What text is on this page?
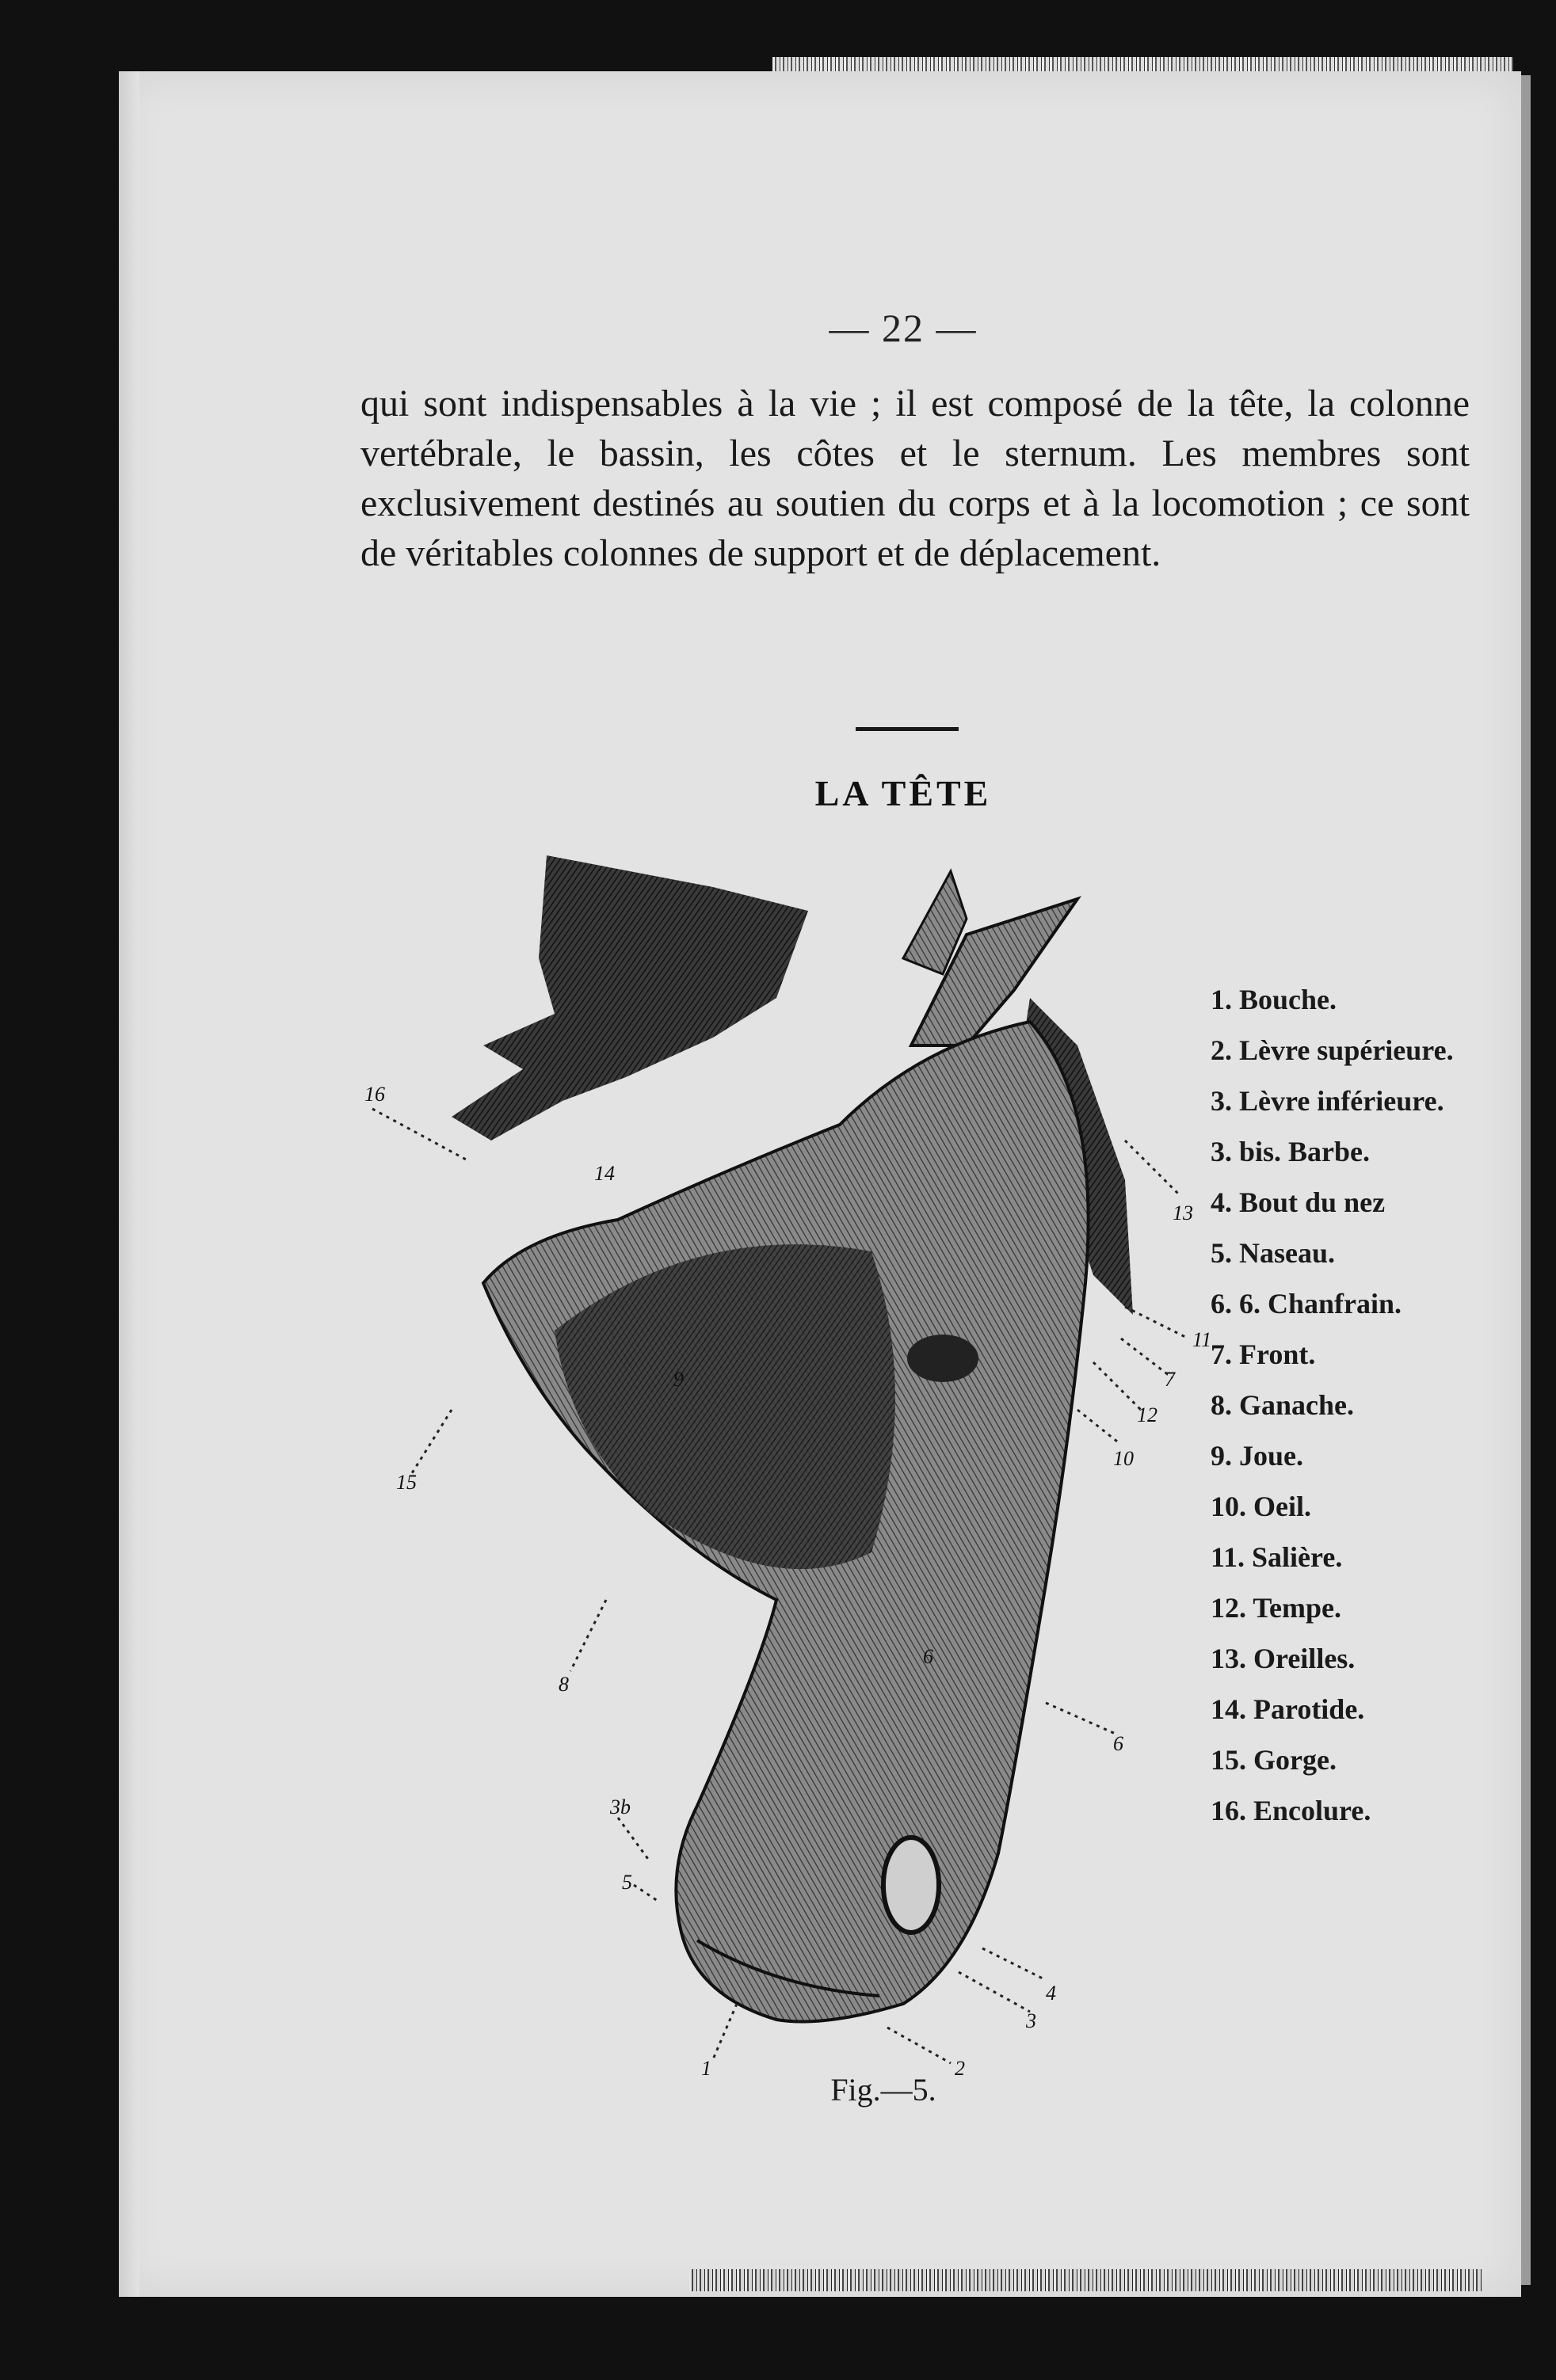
— 22 —
qui sont indispensables à la vie ; il est composé de la tête, la colonne vertébrale, le bassin, les côtes et le sternum. Les membres sont exclusivement destinés au soutien du corps et à la locomotion ; ce sont de véritables colonnes de support et de déplacement.
LA TÊTE
16
14
13
11
7
12
10
15
8
9
6
6
3b
5
4
3
1	2
1. Bouche.
2. Lèvre supérieure.
3. Lèvre inférieure.
3. bis. Barbe.
4. Bout du nez
5. Naseau.
6. 6. Chanfrain.
7. Front.
8. Ganache.
9. Joue.
10. Oeil.
11. Salière.
12. Tempe.
13. Oreilles.
14. Parotide.
15. Gorge.
16. Encolure.
Fig.—5.
